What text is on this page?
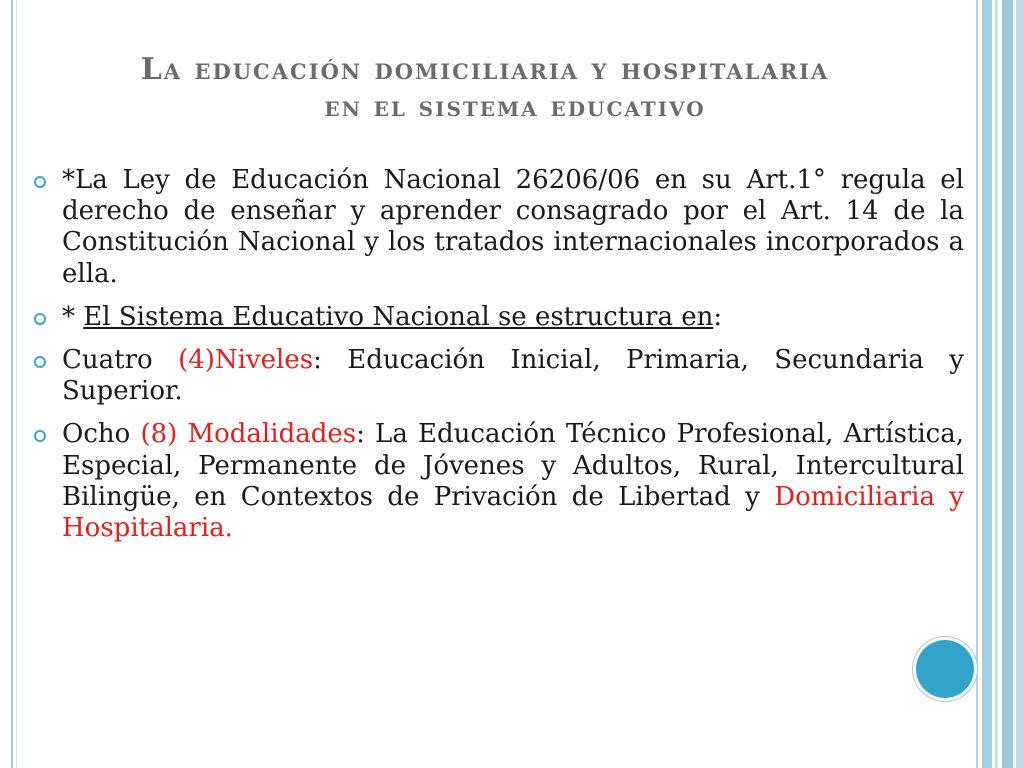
La educación domiciliaria y hospitalaria
en el sistema educativo
*La Ley de Educación Nacional 26206/06 en su Art.1° regula el derecho de enseñar y aprender consagrado por el Art. 14 de la Constitución Nacional y los tratados internacionales incorporados a ella.
* El Sistema Educativo Nacional se estructura en:
Cuatro (4)Niveles: Educación Inicial, Primaria, Secundaria y Superior.
Ocho (8) Modalidades: La Educación Técnico Profesional, Artística, Especial, Permanente de Jóvenes y Adultos, Rural, Intercultural Bilingüe, en Contextos de Privación de Libertad y Domiciliaria y Hospitalaria.
